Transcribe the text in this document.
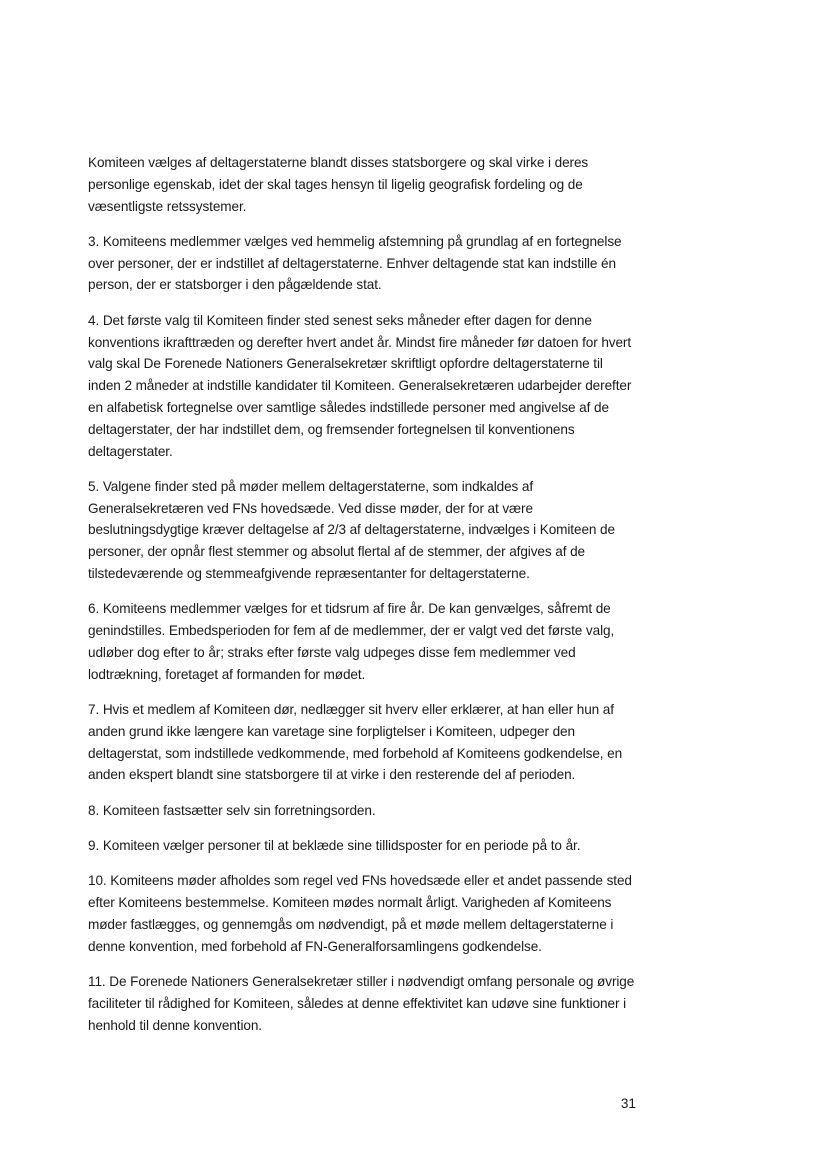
Komiteen vælges af deltagerstaterne blandt disses statsborgere og skal virke i deres personlige egenskab, idet der skal tages hensyn til ligelig geografisk fordeling og de væsentligste retssystemer.

3. Komiteens medlemmer vælges ved hemmelig afstemning på grundlag af en fortegnelse over personer, der er indstillet af deltagerstaterne. Enhver deltagende stat kan indstille én person, der er statsborger i den pågældende stat.

4. Det første valg til Komiteen finder sted senest seks måneder efter dagen for denne konventions ikrafttræden og derefter hvert andet år. Mindst fire måneder før datoen for hvert valg skal De Forenede Nationers Generalsekretær skriftligt opfordre deltagerstaterne til inden 2 måneder at indstille kandidater til Komiteen. Generalsekretæren udarbejder derefter en alfabetisk fortegnelse over samtlige således indstillede personer med angivelse af de deltagerstater, der har indstillet dem, og fremsender fortegnelsen til konventionens deltagerstater.

5. Valgene finder sted på møder mellem deltagerstaterne, som indkaldes af Generalsekretæren ved FNs hovedsæde. Ved disse møder, der for at være beslutningsdygtige kræver deltagelse af 2/3 af deltagerstaterne, indvælges i Komiteen de personer, der opnår flest stemmer og absolut flertal af de stemmer, der afgives af de tilstedeværende og stemmeafgivende repræsentanter for deltagerstaterne.

6. Komiteens medlemmer vælges for et tidsrum af fire år. De kan genvælges, såfremt de genindstilles. Embedsperioden for fem af de medlemmer, der er valgt ved det første valg, udløber dog efter to år; straks efter første valg udpeges disse fem medlemmer ved lodtrækning, foretaget af formanden for mødet.

7. Hvis et medlem af Komiteen dør, nedlægger sit hverv eller erklærer, at han eller hun af anden grund ikke længere kan varetage sine forpligtelser i Komiteen, udpeger den deltagerstat, som indstillede vedkommende, med forbehold af Komiteens godkendelse, en anden ekspert blandt sine statsborgere til at virke i den resterende del af perioden.

8. Komiteen fastsætter selv sin forretningsorden.

9. Komiteen vælger personer til at beklæde sine tillidsposter for en periode på to år.

10. Komiteens møder afholdes som regel ved FNs hovedsæde eller et andet passende sted efter Komiteens bestemmelse. Komiteen mødes normalt årligt. Varigheden af Komiteens møder fastlægges, og gennemgås om nødvendigt, på et møde mellem deltagerstaterne i denne konvention, med forbehold af FN-Generalforsamlingens godkendelse.

11. De Forenede Nationers Generalsekretær stiller i nødvendigt omfang personale og øvrige faciliteter til rådighed for Komiteen, således at denne effektivitet kan udøve sine funktioner i henhold til denne konvention.

31
